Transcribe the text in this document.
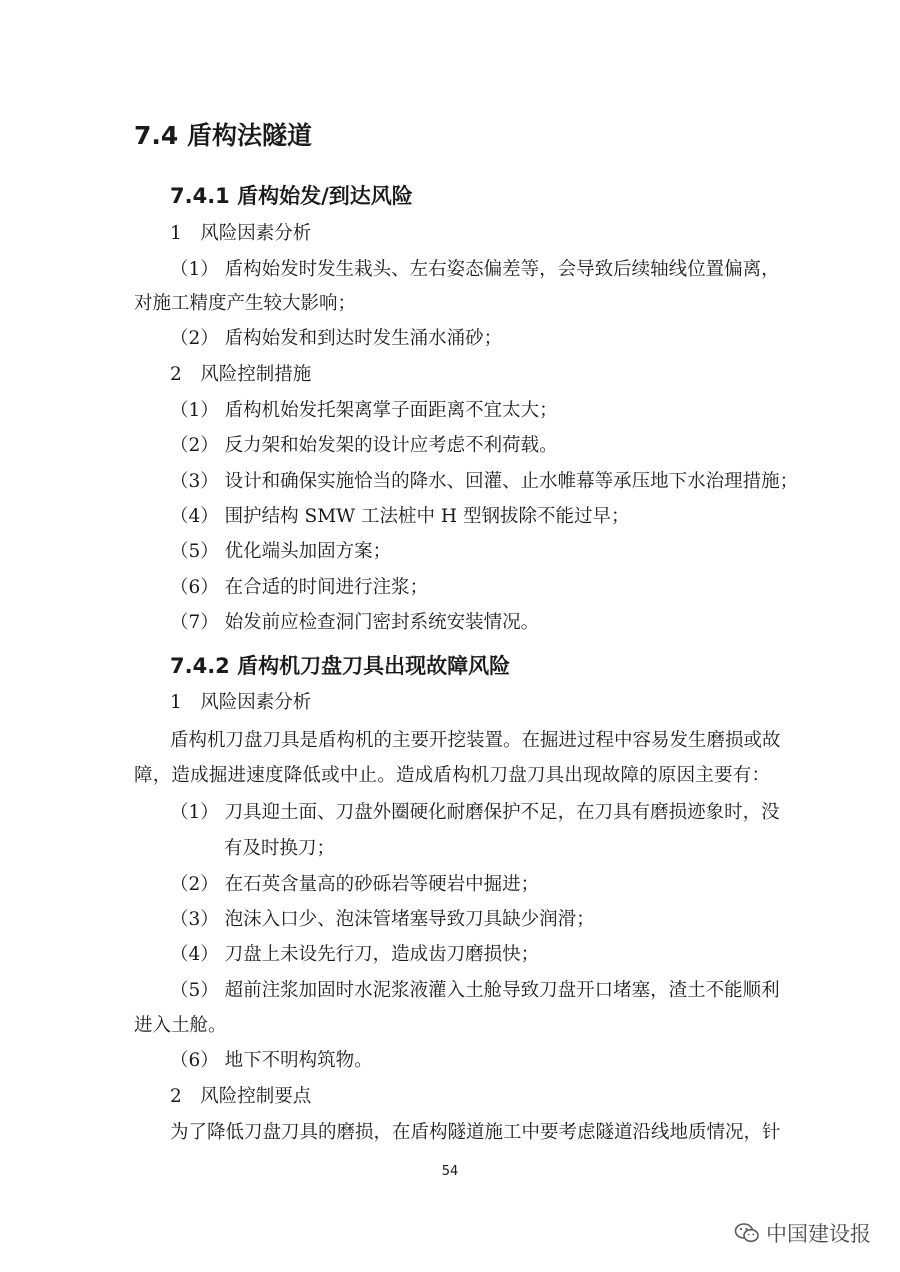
7.4 盾构法隧道
7.4.1 盾构始发/到达风险
1　风险因素分析
（1） 盾构始发时发生栽头、左右姿态偏差等，会导致后续轴线位置偏离，
对施工精度产生较大影响；
（2） 盾构始发和到达时发生涌水涌砂；
2　风险控制措施
（1） 盾构机始发托架离掌子面距离不宜太大；
（2） 反力架和始发架的设计应考虑不利荷载。
（3） 设计和确保实施恰当的降水、回灌、止水帷幕等承压地下水治理措施；
（4） 围护结构 SMW 工法桩中 H 型钢拔除不能过早；
（5） 优化端头加固方案；
（6） 在合适的时间进行注浆；
（7） 始发前应检查洞门密封系统安装情况。
7.4.2 盾构机刀盘刀具出现故障风险
1　风险因素分析
盾构机刀盘刀具是盾构机的主要开挖装置。在掘进过程中容易发生磨损或故
障，造成掘进速度降低或中止。造成盾构机刀盘刀具出现故障的原因主要有：
（1） 刀具迎土面、刀盘外圈硬化耐磨保护不足，在刀具有磨损迹象时，没
有及时换刀；
（2） 在石英含量高的砂砾岩等硬岩中掘进；
（3） 泡沫入口少、泡沫管堵塞导致刀具缺少润滑；
（4） 刀盘上未设先行刀，造成齿刀磨损快；
（5） 超前注浆加固时水泥浆液灌入土舱导致刀盘开口堵塞，渣土不能顺利
进入土舱。
（6） 地下不明构筑物。
2　风险控制要点
为了降低刀盘刀具的磨损，在盾构隧道施工中要考虑隧道沿线地质情况，针
54
中国建设报
